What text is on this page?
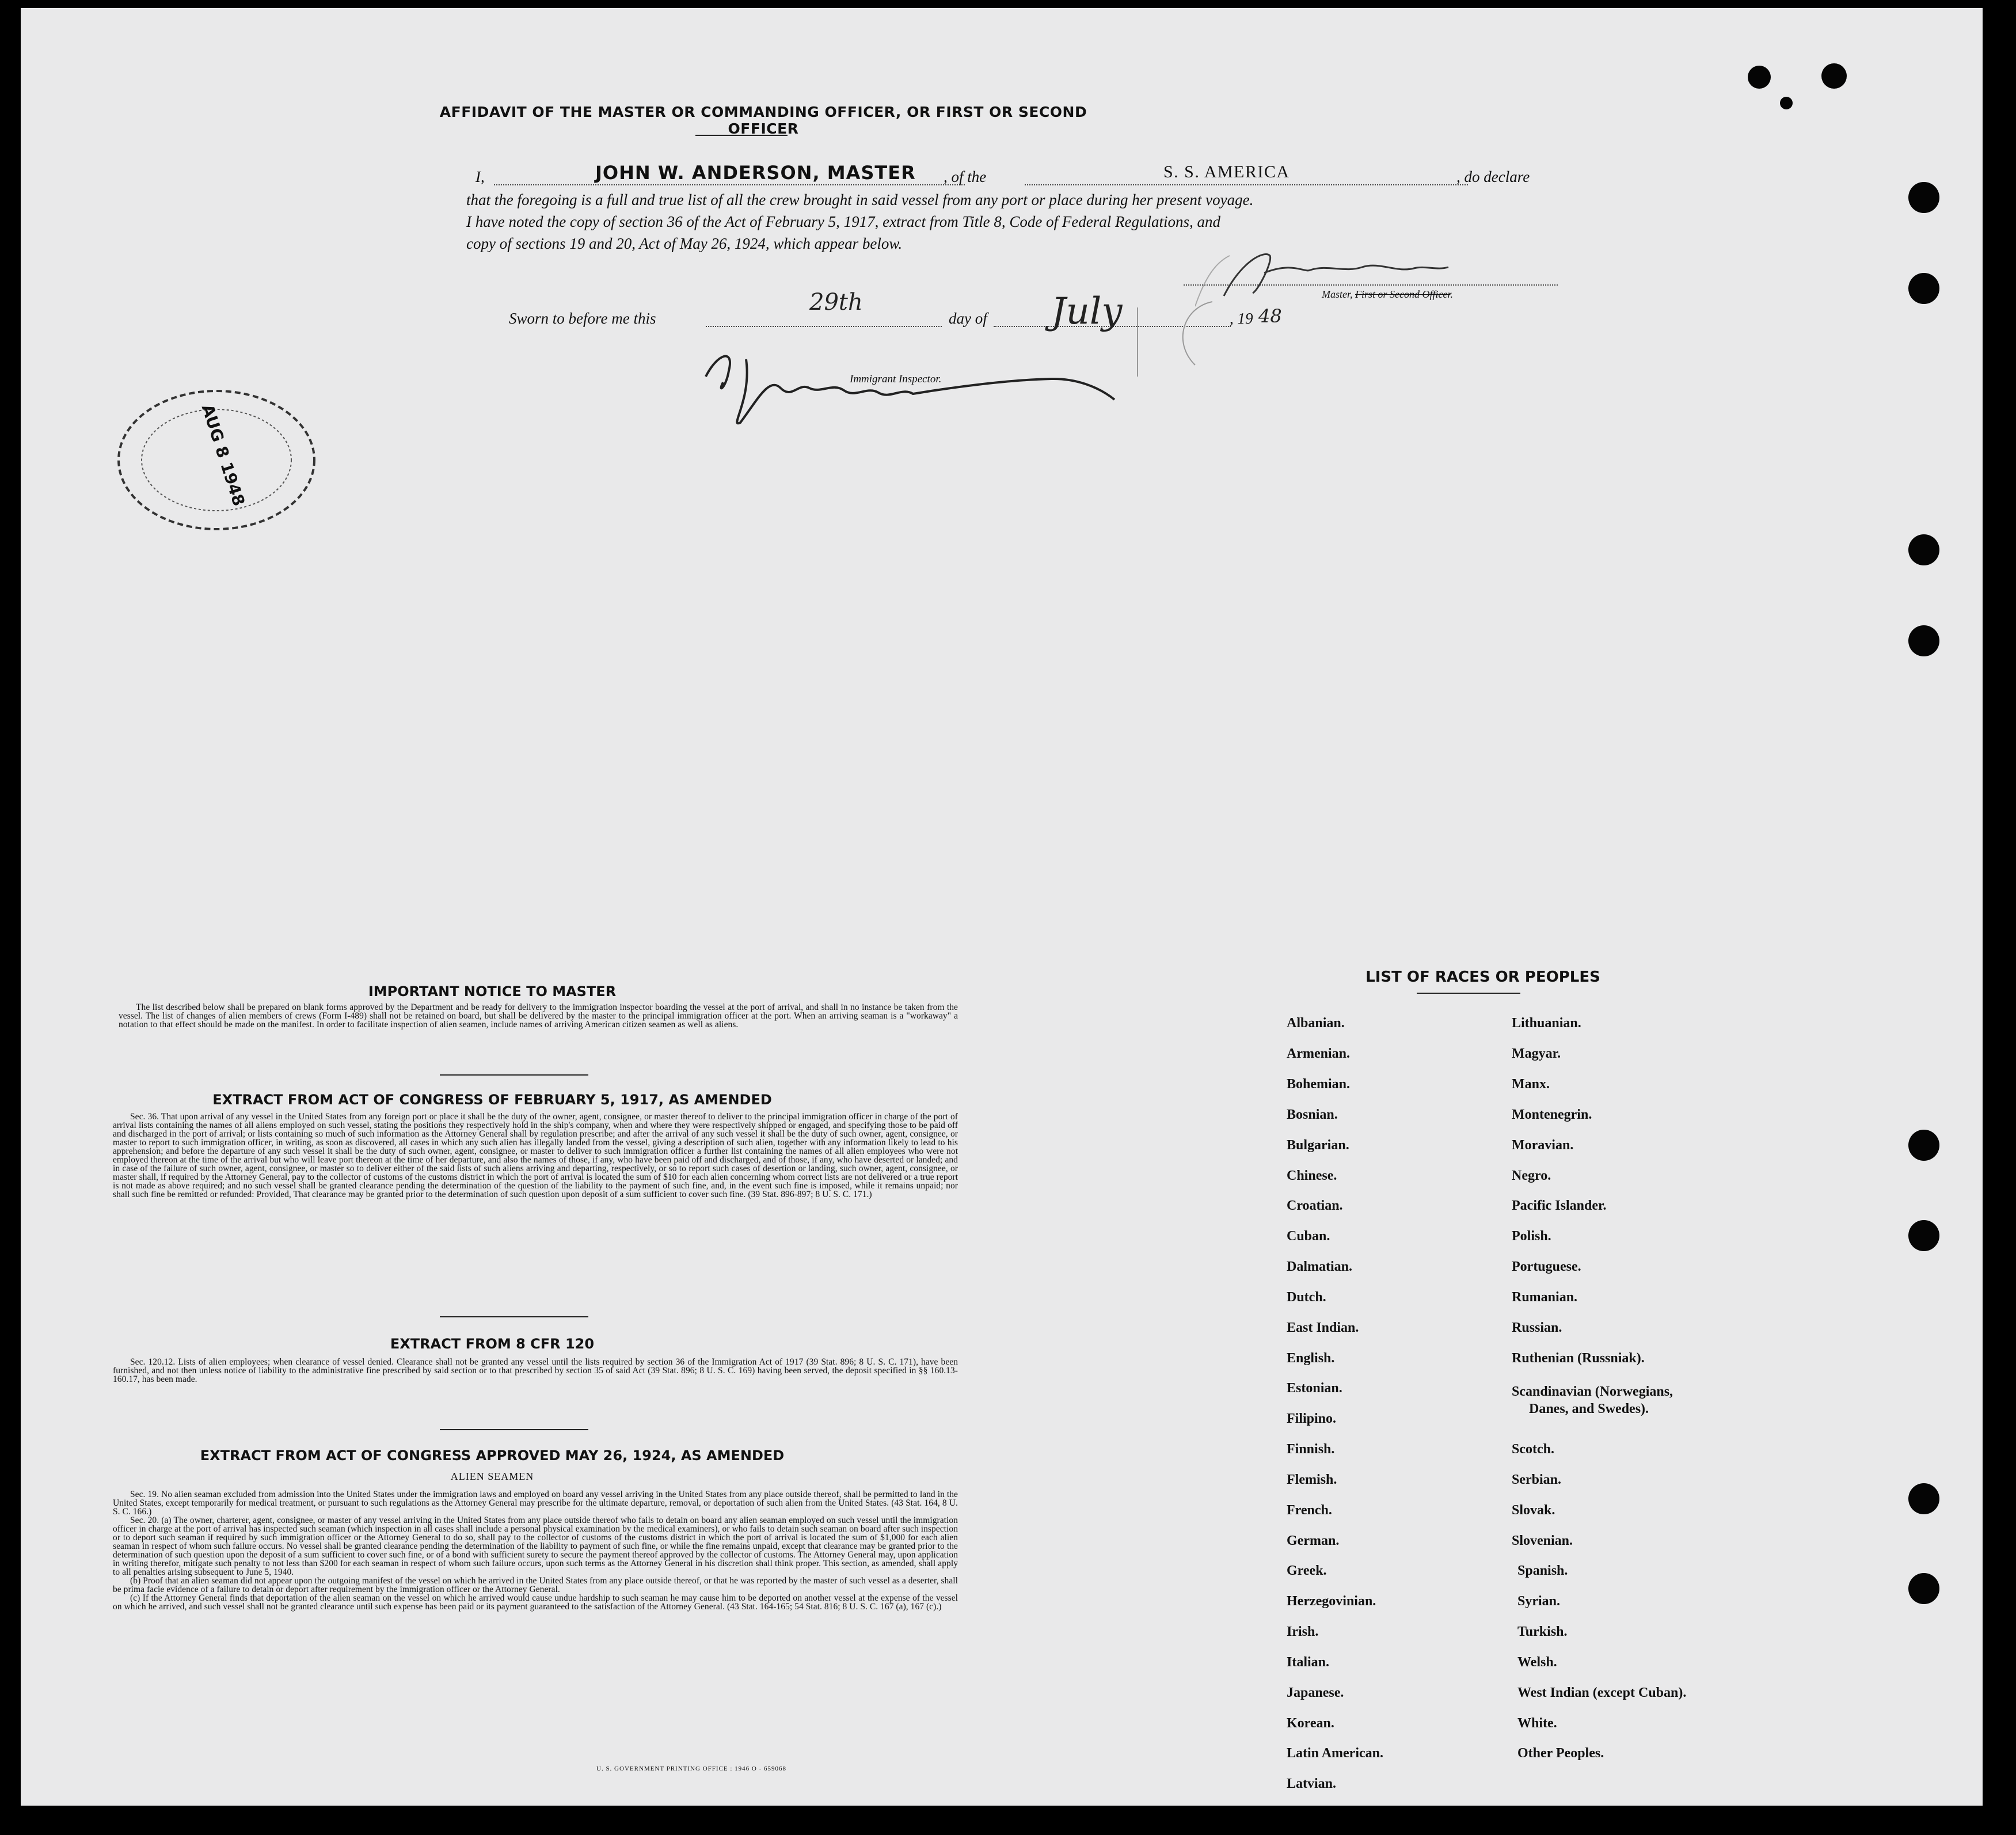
AFFIDAVIT OF THE MASTER OR COMMANDING OFFICER, OR FIRST OR SECOND OFFICER
I,	JOHN W. ANDERSON, MASTER , of the	S. S. AMERICA	, do declare
that the foregoing is a full and true list of all the crew brought in said vessel from any port or place during her present voyage.
I have noted the copy of section 36 of the Act of February 5, 1917, extract from Title 8, Code of Federal Regulations, and
copy of sections 19 and 20, Act of May 26, 1924, which appear below.
Master, First or Second Officer.
Sworn to before me this
29th
day of July	, 19 48
Immigrant Inspector.
AUG 8 1948
IMPORTANT NOTICE TO MASTER

The list described below shall be prepared on blank forms approved by the Department and be ready for delivery to the immigration inspector boarding the vessel at the port of arrival, and shall in no instance be taken from the vessel. The list of changes of alien members of crews (Form I-489) shall not be retained on board, but shall be delivered by the master to the principal immigration officer at the port. When an arriving seaman is a "workaway" a notation to that effect should be made on the manifest. In order to facilitate inspection of alien seamen, include names of arriving American citizen seamen as well as aliens.

EXTRACT FROM ACT OF CONGRESS OF FEBRUARY 5, 1917, AS AMENDED

Sec. 36. That upon arrival of any vessel in the United States from any foreign port or place it shall be the duty of the owner, agent, consignee, or master thereof to deliver to the principal immigration officer in charge of the port of arrival lists containing the names of all aliens employed on such vessel, stating the positions they respectively hold in the ship's company, when and where they were respectively shipped or engaged, and specifying those to be paid off and discharged in the port of arrival; or lists containing so much of such information as the Attorney General shall by regulation prescribe; and after the arrival of any such vessel it shall be the duty of such owner, agent, consignee, or master to report to such immigration officer, in writing, as soon as discovered, all cases in which any such alien has illegally landed from the vessel, giving a description of such alien, together with any information likely to lead to his apprehension; and before the departure of any such vessel it shall be the duty of such owner, agent, consignee, or master to deliver to such immigration officer a further list containing the names of all alien employees who were not employed thereon at the time of the arrival but who will leave port thereon at the time of her departure, and also the names of those, if any, who have been paid off and discharged, and of those, if any, who have deserted or landed; and in case of the failure of such owner, agent, consignee, or master so to deliver either of the said lists of such aliens arriving and departing, respectively, or so to report such cases of desertion or landing, such owner, agent, consignee, or master shall, if required by the Attorney General, pay to the collector of customs of the customs district in which the port of arrival is located the sum of $10 for each alien concerning whom correct lists are not delivered or a true report is not made as above required; and no such vessel shall be granted clearance pending the determination of the question of the liability to the payment of such fine, and, in the event such fine is imposed, while it remains unpaid; nor shall such fine be remitted or refunded: Provided, That clearance may be granted prior to the determination of such question upon deposit of a sum sufficient to cover such fine. (39 Stat. 896-897; 8 U. S. C. 171.)

EXTRACT FROM 8 CFR 120

Sec. 120.12. Lists of alien employees; when clearance of vessel denied. Clearance shall not be granted any vessel until the lists required by section 36 of the Immigration Act of 1917 (39 Stat. 896; 8 U. S. C. 171), have been furnished, and not then unless notice of liability to the administrative fine prescribed by said section or to that prescribed by section 35 of said Act (39 Stat. 896; 8 U. S. C. 169) having been served, the deposit specified in §§ 160.13-160.17, has been made.

EXTRACT FROM ACT OF CONGRESS APPROVED MAY 26, 1924, AS AMENDED
ALIEN SEAMEN

Sec. 19. No alien seaman excluded from admission into the United States under the immigration laws and employed on board any vessel arriving in the United States from any place outside thereof, shall be permitted to land in the United States, except temporarily for medical treatment, or pursuant to such regulations as the Attorney General may prescribe for the ultimate departure, removal, or deportation of such alien from the United States. (43 Stat. 164, 8 U. S. C. 166.)

Sec. 20. (a) The owner, charterer, agent, consignee, or master of any vessel arriving in the United States from any place outside thereof who fails to detain on board any alien seaman employed on such vessel until the immigration officer in charge at the port of arrival has inspected such seaman (which inspection in all cases shall include a personal physical examination by the medical examiners), or who fails to detain such seaman on board after such inspection or to deport such seaman if required by such immigration officer or the Attorney General to do so, shall pay to the collector of customs of the customs district in which the port of arrival is located the sum of $1,000 for each alien seaman in respect of whom such failure occurs. No vessel shall be granted clearance pending the determination of the liability to payment of such fine, or while the fine remains unpaid, except that clearance may be granted prior to the determination of such question upon the deposit of a sum sufficient to cover such fine, or of a bond with sufficient surety to secure the payment thereof approved by the collector of customs. The Attorney General may, upon application in writing therefor, mitigate such penalty to not less than $200 for each seaman in respect of whom such failure occurs, upon such terms as the Attorney General in his discretion shall think proper. This section, as amended, shall apply to all penalties arising subsequent to June 5, 1940.

(b) Proof that an alien seaman did not appear upon the outgoing manifest of the vessel on which he arrived in the United States from any place outside thereof, or that he was reported by the master of such vessel as a deserter, shall be prima facie evidence of a failure to detain or deport after requirement by the immigration officer or the Attorney General.

(c) If the Attorney General finds that deportation of the alien seaman on the vessel on which he arrived would cause undue hardship to such seaman he may cause him to be deported on another vessel at the expense of the vessel on which he arrived, and such vessel shall not be granted clearance until such expense has been paid or its payment guaranteed to the satisfaction of the Attorney General. (43 Stat. 164-165; 54 Stat. 816; 8 U. S. C. 167 (a), 167 (c).)

U. S. GOVERNMENT PRINTING OFFICE : 1946 O - 659068
LIST OF RACES OR PEOPLES
Albanian.
Armenian.
Bohemian.
Bosnian.
Bulgarian.
Chinese.
Croatian.
Cuban.
Dalmatian.
Dutch.
East Indian.
English.
Estonian.
Filipino.
Finnish.
Flemish.
French.
German.
Greek.
Herzegovinian.
Irish.
Italian.
Japanese.
Korean.
Latin American.
Latvian.
Lithuanian.
Magyar.
Manx.
Montenegrin.
Moravian.
Negro.
Pacific Islander.
Polish.
Portuguese.
Rumanian.
Russian.
Ruthenian (Russniak).
Scandinavian (Norwegians,
Danes, and Swedes).
Scotch.
Serbian.
Slovak.
Slovenian.
Spanish.
Syrian.
Turkish.
Welsh.
West Indian (except Cuban).
White.
Other Peoples.
